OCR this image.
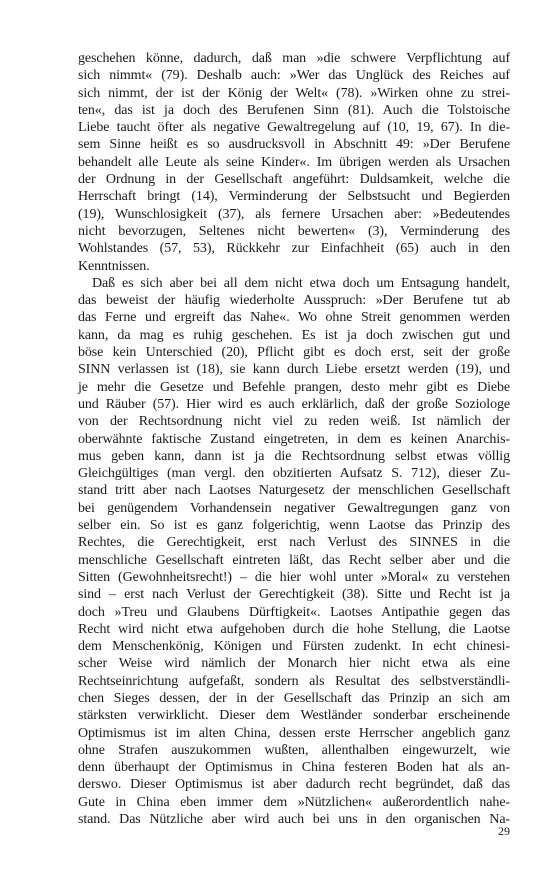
geschehen könne, dadurch, daß man »die schwere Verpflichtung auf
sich nimmt« (79). Deshalb auch: »Wer das Unglück des Reiches auf
sich nimmt, der ist der König der Welt« (78). »Wirken ohne zu strei-
ten«, das ist ja doch des Berufenen Sinn (81). Auch die Tolstoische
Liebe taucht öfter als negative Gewaltregelung auf (10, 19, 67). In die-
sem Sinne heißt es so ausdrucksvoll in Abschnitt 49: »Der Berufene
behandelt alle Leute als seine Kinder«. Im übrigen werden als Ursachen
der Ordnung in der Gesellschaft angeführt: Duldsamkeit, welche die
Herrschaft bringt (14), Verminderung der Selbstsucht und Begierden
(19), Wunschlosigkeit (37), als fernere Ursachen aber: »Bedeutendes
nicht bevorzugen, Seltenes nicht bewerten« (3), Verminderung des
Wohlstandes (57, 53), Rückkehr zur Einfachheit (65) auch in den
Kenntnissen.
Daß es sich aber bei all dem nicht etwa doch um Entsagung handelt,
das beweist der häufig wiederholte Ausspruch: »Der Berufene tut ab
das Ferne und ergreift das Nahe«. Wo ohne Streit genommen werden
kann, da mag es ruhig geschehen. Es ist ja doch zwischen gut und
böse kein Unterschied (20), Pflicht gibt es doch erst, seit der große
SINN verlassen ist (18), sie kann durch Liebe ersetzt werden (19), und
je mehr die Gesetze und Befehle prangen, desto mehr gibt es Diebe
und Räuber (57). Hier wird es auch erklärlich, daß der große Soziologe
von der Rechtsordnung nicht viel zu reden weiß. Ist nämlich der
oberwähnte faktische Zustand eingetreten, in dem es keinen Anarchis-
mus geben kann, dann ist ja die Rechtsordnung selbst etwas völlig
Gleichgültiges (man vergl. den obzitierten Aufsatz S. 712), dieser Zu-
stand tritt aber nach Laotses Naturgesetz der menschlichen Gesellschaft
bei genügendem Vorhandensein negativer Gewaltregungen ganz von
selber ein. So ist es ganz folgerichtig, wenn Laotse das Prinzip des
Rechtes, die Gerechtigkeit, erst nach Verlust des SINNES in die
menschliche Gesellschaft eintreten läßt, das Recht selber aber und die
Sitten (Gewohnheitsrecht!) – die hier wohl unter »Moral« zu verstehen
sind – erst nach Verlust der Gerechtigkeit (38). Sitte und Recht ist ja
doch »Treu und Glaubens Dürftigkeit«. Laotses Antipathie gegen das
Recht wird nicht etwa aufgehoben durch die hohe Stellung, die Laotse
dem Menschenkönig, Königen und Fürsten zudenkt. In echt chinesi-
scher Weise wird nämlich der Monarch hier nicht etwa als eine
Rechtseinrichtung aufgefaßt, sondern als Resultat des selbstverständli-
chen Sieges dessen, der in der Gesellschaft das Prinzip an sich am
stärksten verwirklicht. Dieser dem Westländer sonderbar erscheinende
Optimismus ist im alten China, dessen erste Herrscher angeblich ganz
ohne Strafen auszukommen wußten, allenthalben eingewurzelt, wie
denn überhaupt der Optimismus in China festeren Boden hat als an-
derswo. Dieser Optimismus ist aber dadurch recht begründet, daß das
Gute in China eben immer dem »Nützlichen« außerordentlich nahe-
stand. Das Nützliche aber wird auch bei uns in den organischen Na-
29
